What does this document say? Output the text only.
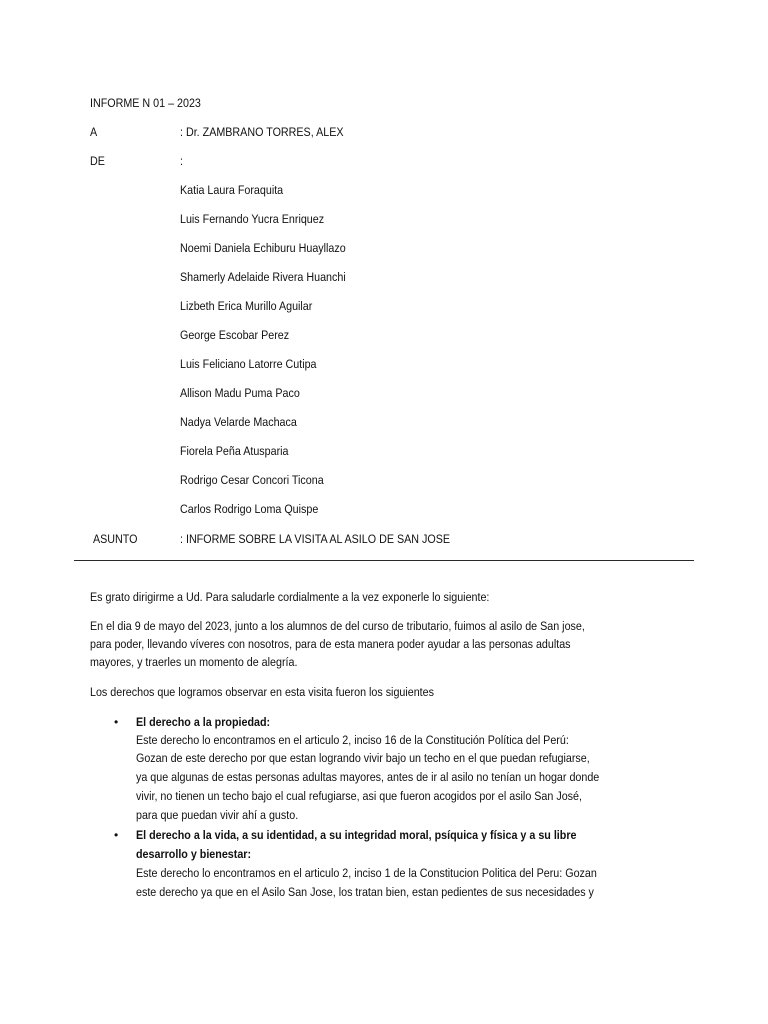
INFORME N 01 – 2023
A	: Dr. ZAMBRANO TORRES, ALEX
DE	:
Katia Laura Foraquita
Luis Fernando Yucra Enriquez
Noemi Daniela Echiburu Huayllazo
Shamerly Adelaide Rivera Huanchi
Lizbeth Erica Murillo Aguilar
George Escobar Perez
Luis Feliciano Latorre Cutipa
Allison Madu Puma Paco
Nadya Velarde Machaca
Fiorela Peña Atusparia
Rodrigo Cesar Concori Ticona
Carlos Rodrigo Loma Quispe
ASUNTO	: INFORME SOBRE LA VISITA AL ASILO DE SAN JOSE
Es grato dirigirme a Ud. Para saludarle cordialmente a la vez exponerle lo siguiente:
En el dia 9 de mayo del 2023, junto a los alumnos de del curso de tributario, fuimos al asilo de San jose,
para poder, llevando víveres con nosotros, para de esta manera poder ayudar a las personas adultas
mayores, y traerles un momento de alegría.
Los derechos que logramos observar en esta visita fueron los siguientes
• El derecho a la propiedad:
Este derecho lo encontramos en el articulo 2, inciso 16 de la Constitución Política del Perú:
Gozan de este derecho por que estan logrando vivir bajo un techo en el que puedan refugiarse,
ya que algunas de estas personas adultas mayores, antes de ir al asilo no tenían un hogar donde
vivir, no tienen un techo bajo el cual refugiarse, asi que fueron acogidos por el asilo San José,
para que puedan vivir ahí a gusto.
• El derecho a la vida, a su identidad, a su integridad moral, psíquica y física y a su libre
desarrollo y bienestar:
Este derecho lo encontramos en el articulo 2, inciso 1 de la Constitucion Politica del Peru: Gozan
este derecho ya que en el Asilo San Jose, los tratan bien, estan pedientes de sus necesidades y
